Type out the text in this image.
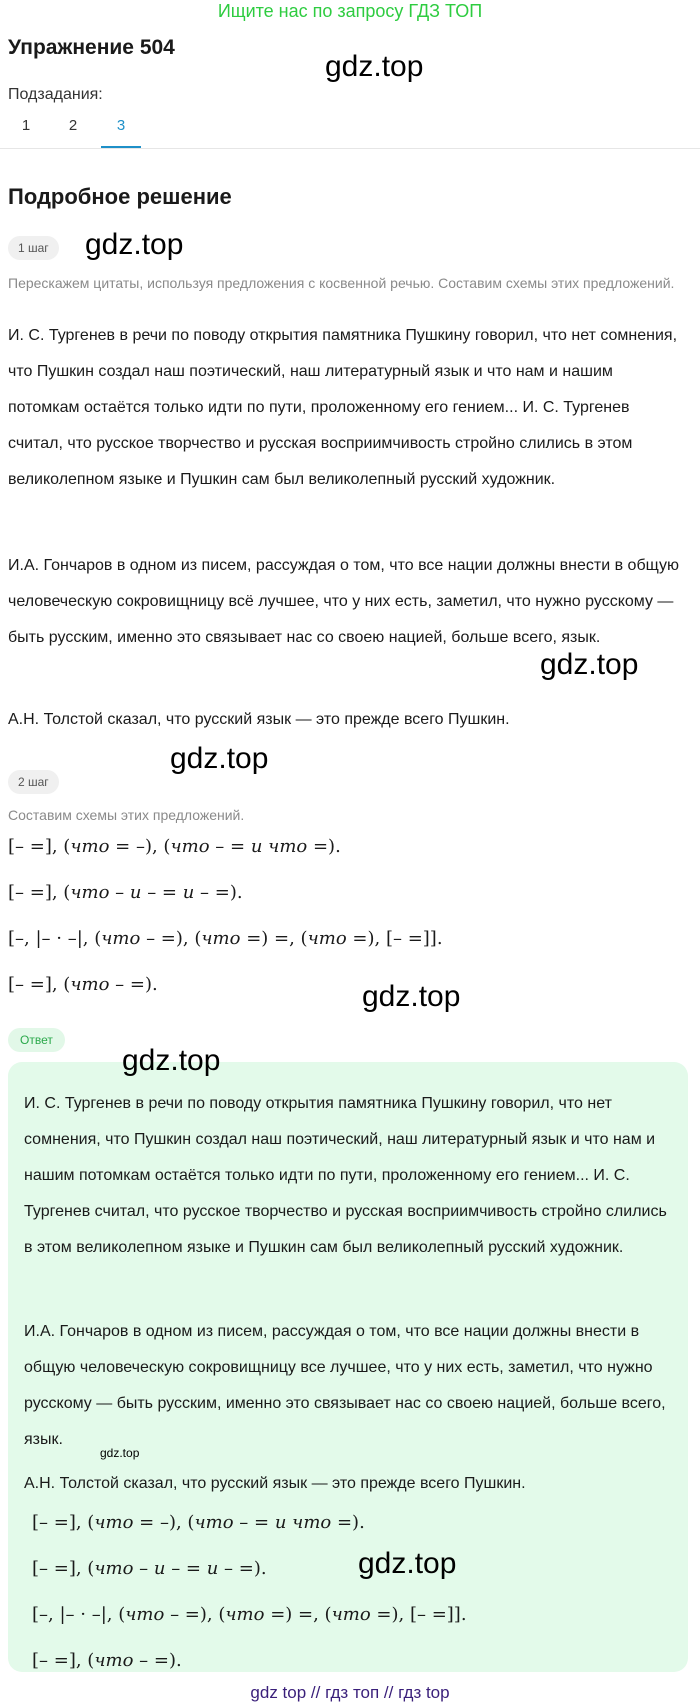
Ищите нас по запросу ГДЗ ТОП
Упражнение 504
Подзадания:
1	2	3
Подробное решение
1 шаг
Перескажем цитаты, используя предложения с косвенной речью. Составим схемы этих предложений.

И. С. Тургенев в речи по поводу открытия памятника Пушкину говорил, что нет сомнения, что Пушкин создал наш поэтический, наш литературный язык и что нам и нашим потомкам остаётся только идти по пути, проложенному его гением... И. С. Тургенев считал, что русское творчество и русская восприимчивость стройно слились в этом великолепном языке и Пушкин сам был великолепный русский художник.

И.А. Гончаров в одном из писем, рассуждая о том, что все нации должны внести в общую человеческую сокровищницу всё лучшее, что у них есть, заметил, что нужно русскому — быть русским, именно это связывает нас со своею нацией, больше всего, язык.

А.Н. Толстой сказал, что русский язык — это прежде всего Пушкин.

2 шаг
Составим схемы этих предложений.
[– =], (что = –), (что – = и что =).
[– =], (что – и – = и – =).
[–, |– · –|, (что – =), (что =) =, (что =), [– =]].
[– =], (что – =).
Ответ

И. С. Тургенев в речи по поводу открытия памятника Пушкину говорил, что нет сомнения, что Пушкин создал наш поэтический, наш литературный язык и что нам и нашим потомкам остаётся только идти по пути, проложенному его гением... И. С. Тургенев считал, что русское творчество и русская восприимчивость стройно слились в этом великолепном языке и Пушкин сам был великолепный русский художник.

И.А. Гончаров в одном из писем, рассуждая о том, что все нации должны внести в общую человеческую сокровищницу все лучшее, что у них есть, заметил, что нужно русскому — быть русским, именно это связывает нас со своею нацией, больше всего, язык.

А.Н. Толстой сказал, что русский язык — это прежде всего Пушкин.

[– =], (что = –), (что – = и что =).
[– =], (что – и – = и – =).
[–, |– · –|, (что – =), (что =) =, (что =), [– =]].
[– =], (что – =).
gdz.top
gdz.top
gdz.top
gdz.top
gdz.top
gdz.top
gdz.top
gdz.top
gdz top // гдз топ // гдз top
